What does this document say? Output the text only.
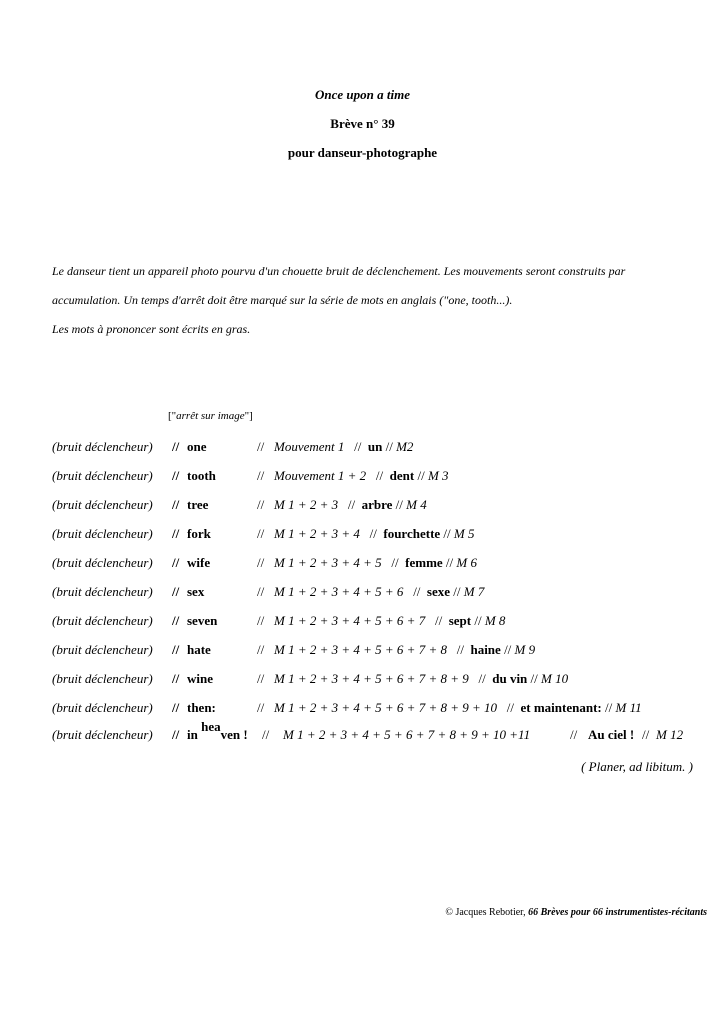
Once upon a time
Brève n° 39
pour danseur-photographe
Le danseur tient un appareil photo pourvu d'un chouette bruit de déclenchement. Les mouvements seront construits par
accumulation. Un temps d'arrêt doit être marqué sur la série de mots en anglais ("one, tooth...).
Les mots à prononcer sont écrits en gras.
["arrêt sur image"]
(bruit déclencheur) // one	// Mouvement 1 // un // M2
(bruit déclencheur) // tooth	// Mouvement 1 + 2 // dent // M 3
(bruit déclencheur) // tree	// M 1 + 2 + 3 // arbre // M 4
(bruit déclencheur) // fork	// M 1 + 2 + 3 + 4 // fourchette // M 5
(bruit déclencheur) // wife	// M 1 + 2 + 3 + 4 + 5 // femme // M 6
(bruit déclencheur) // sex	// M 1 + 2 + 3 + 4 + 5 + 6 // sexe // M 7
(bruit déclencheur) // seven	// M 1 + 2 + 3 + 4 + 5 + 6 + 7 // sept // M 8
(bruit déclencheur) // hate	// M 1 + 2 + 3 + 4 + 5 + 6 + 7 + 8 // haine // M 9
(bruit déclencheur) // wine	// M 1 + 2 + 3 + 4 + 5 + 6 + 7 + 8 + 9 // du vin // M 10
(bruit déclencheur) // then:	// M 1 + 2 + 3 + 4 + 5 + 6 + 7 + 8 + 9 + 10 // et maintenant: // M 11
(bruit déclencheur) // in heaven ! // M 1 + 2 + 3 + 4 + 5 + 6 + 7 + 8 + 9 + 10 +11	// Au ciel ! // M 12
( Planer, ad libitum. )
© Jacques Rebotier, 66 Brèves pour 66 instrumentistes-récitants
